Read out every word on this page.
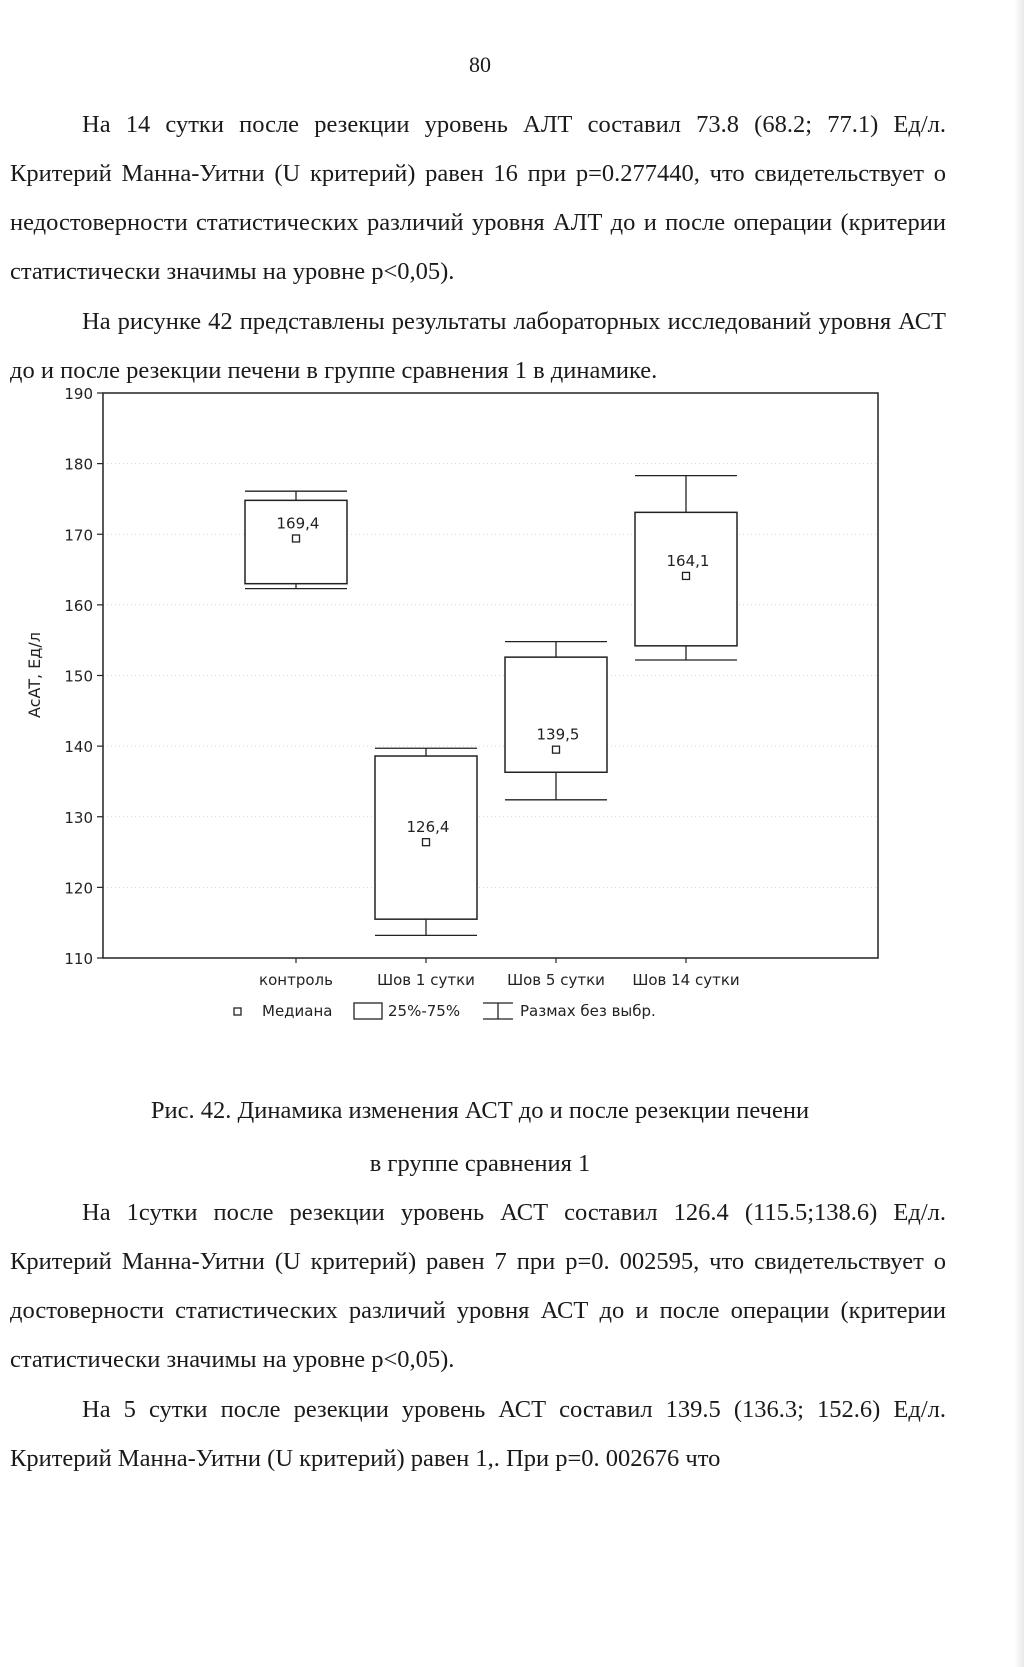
80

На 14 сутки после резекции уровень АЛТ составил 73.8 (68.2; 77.1) Ед/л. Критерий Манна-Уитни (U критерий) равен 16 при p=0.277440, что свидетельствует о недостоверности статистических различий уровня АЛТ до и после операции (критерии статистически значимы на уровне p<0,05).

На рисунке 42 представлены результаты лабораторных исследований уровня АСТ до и после резекции печени в группе сравнения 1 в динамике.

110
120
130
140
150
160
170
180
190
AcAT, Ед/л
169,4
126,4
139,5
164,1
контроль	Шов 1 сутки Шов 5 сутки Шов 14 сутки
Медиана	25%-75%	Размах без выбр.
Рис. 42. Динамика изменения АСТ до и после резекции печени
в группе сравнения 1

На 1сутки после резекции уровень АСТ составил 126.4 (115.5;138.6) Ед/л. Критерий Манна-Уитни (U критерий) равен 7 при p=0. 002595, что свидетельствует о достоверности статистических различий уровня АСТ до и после операции (критерии статистически значимы на уровне p<0,05).

На 5 сутки после резекции уровень АСТ составил 139.5 (136.3; 152.6) Ед/л. Критерий Манна-Уитни (U критерий) равен 1,. При p=0. 002676 что
